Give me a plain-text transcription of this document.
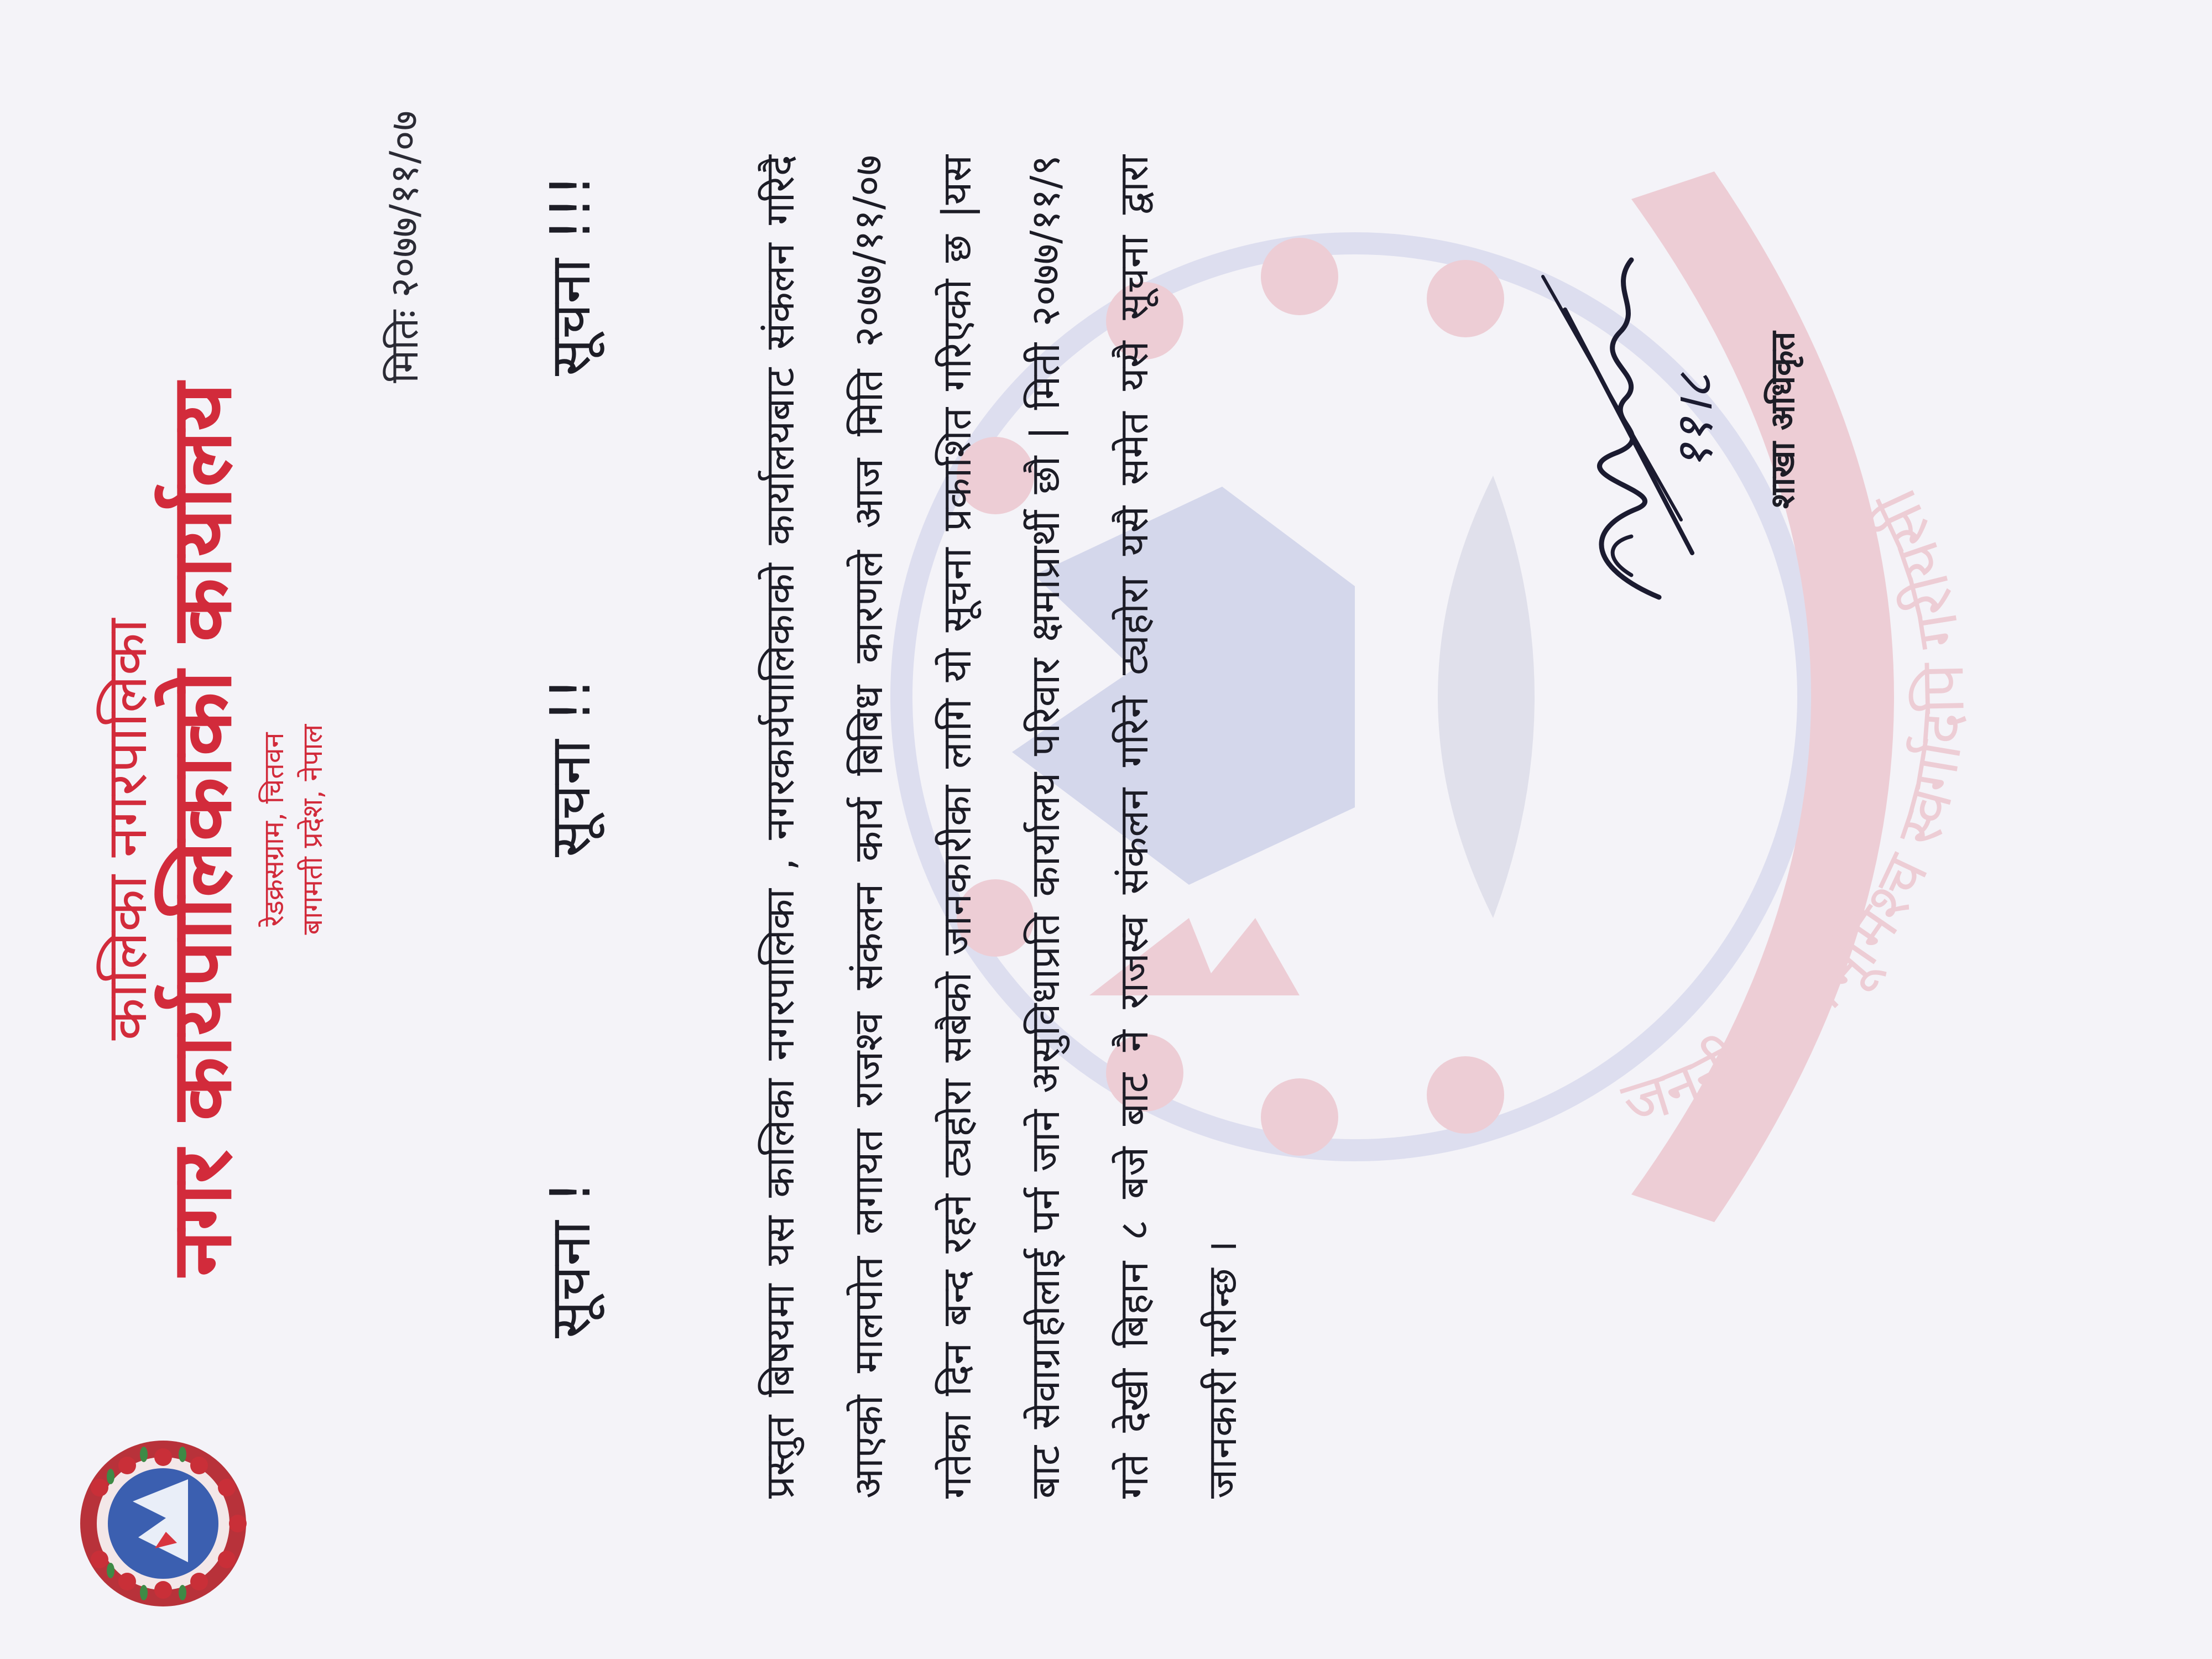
कालिका नगरपालिका
नगर कार्यपालिकाको कार्यालय रेडक्रसग्राम, चितवन बागमती प्रदेश, नेपाल
मितिः २०७७/११/०७
सूचना !
सूचना !!
सूचना !!!
जननी जन्मभूमिश्च स्वर्गादपि गरीयसी
प्रस्तुत बिषयमा यस कालिका नगरपालिका , नगरकार्यपालिकाको कार्यालयबाट संकलन गरिदै आएको मालपोत लगायत राजश्व संकलन कार्य बिबिध कारणले आज मिति २०७७/११/०७ गतेका दिन बन्द रहने ट्यहोरा सबैको जानकारीका लागि यो सूचना प्रकाशित गरिएको छ |यस बाट सेवाग्राहीलाई पर्न जाने असुविधाप्रति कार्यालय परिवार क्षमाप्रार्थी छौ | मिती २०७७/११/९ गते देखी बिहान ८ बजे बाट नै राजस्व संकलन गरिने ट्यहोरा यसै समेत यसै सूचना द्वारा जानकारी गरीन्छ ।
११।८ शाखा अधिकृत
